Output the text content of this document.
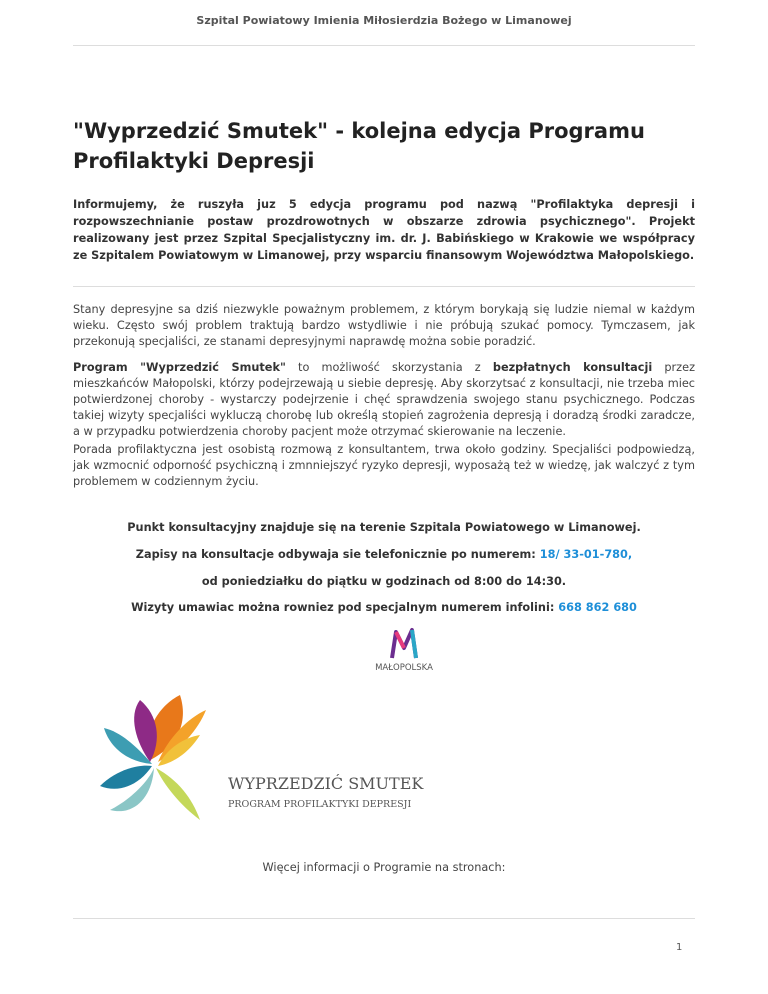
Szpital Powiatowy Imienia Miłosierdzia Bożego w Limanowej
"Wyprzedzić Smutek" - kolejna edycja Programu Profilaktyki Depresji

Informujemy, że ruszyła juz 5 edycja programu pod nazwą "Profilaktyka depresji i rozpowszechnianie postaw prozdrowotnych w obszarze zdrowia psychicznego". Projekt realizowany jest przez Szpital Specjalistyczny im. dr. J. Babińskiego w Krakowie we współpracy ze Szpitalem Powiatowym w Limanowej, przy wsparciu finansowym Województwa Małopolskiego.

Stany depresyjne sa dziś niezwykle poważnym problemem, z którym borykają się ludzie niemal w każdym wieku. Często swój problem traktują bardzo wstydliwie i nie próbują szukać pomocy. Tymczasem, jak przekonują specjaliści, ze stanami depresyjnymi naprawdę można sobie poradzić.

Program "Wyprzedzić Smutek" to możliwość skorzystania z bezpłatnych konsultacji przez mieszkańców Małopolski, którzy podejrzewają u siebie depresję. Aby skorzytsać z konsultacji, nie trzeba miec potwierdzonej choroby - wystarczy podejrzenie i chęć sprawdzenia swojego stanu psychicznego. Podczas takiej wizyty specjaliści wykluczą chorobę lub określą stopień zagrożenia depresją i doradzą środki zaradcze, a w przypadku potwierdzenia choroby pacjent może otrzymać skierowanie na leczenie.

Porada profilaktyczna jest osobistą rozmową z konsultantem, trwa około godziny. Specjaliści podpowiedzą, jak wzmocnić odporność psychiczną i zmnniejszyć ryzyko depresji, wyposażą też w wiedzę, jak walczyć z tym problemem w codziennym życiu.

Punkt konsultacyjny znajduje się na terenie Szpitala Powiatowego w Limanowej.

Zapisy na konsultacje odbywaja sie telefonicznie po numerem: 18/ 33-01-780,

od poniedziałku do piątku w godzinach od 8:00 do 14:30.

Wizyty umawiac można rowniez pod specjalnym numerem infolini: 668 862 680

MAŁOPOLSKA
WYPRZEDZIĆ SMUTEK
PROGRAM PROFILAKTYKI DEPRESJI
Więcej informacji o Programie na stronach:
1
